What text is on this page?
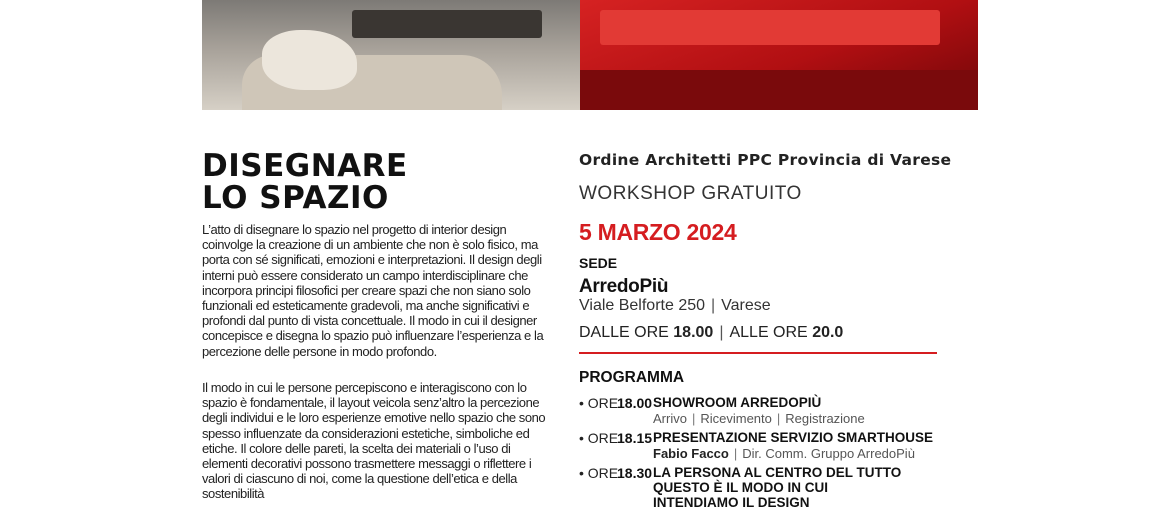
DISEGNARE
LO SPAZIO

L’atto di disegnare lo spazio nel progetto di interior design coinvolge la creazione di un ambiente che non è solo fisico, ma porta con sé significati, emozioni e interpretazioni. Il design degli interni può essere considerato un campo interdisciplinare che incorpora principi filosofici per creare spazi che non siano solo funzionali ed esteticamente gradevoli, ma anche significativi e profondi dal punto di vista concettuale. Il modo in cui il designer concepisce e disegna lo spazio può influenzare l’esperienza e la percezione delle persone in modo profondo.

Il modo in cui le persone percepiscono e interagiscono con lo spazio è fondamentale, il layout veicola senz’altro la percezione degli individui e le loro esperienze emotive nello spazio che sono spesso influenzate da considerazioni estetiche, simboliche ed etiche. Il colore delle pareti, la scelta dei materiali o l’uso di elementi decorativi possono trasmettere messaggi o riflettere i valori di ciascuno di noi, come la questione dell’etica e della sostenibilità

Ordine Architetti PPC Provincia di Varese
WORKSHOP GRATUITO
5 MARZO 2024
SEDE
ArredoPiù
Viale Belforte 250 | Varese
DALLE ORE 18.00 | ALLE ORE 20.0
PROGRAMMA
• ORE
18.00 SHOWROOM ARREDOPIÙ
Arrivo | Ricevimento | Registrazione
• ORE
18.15 PRESENTAZIONE SERVIZIO SMARTHOUSE
Fabio Facco | Dir. Comm. Gruppo ArredoPiù
• ORE
18.30 LA PERSONA AL CENTRO DEL TUTTO
QUESTO È IL MODO IN CUI
INTENDIAMO IL DESIGN
